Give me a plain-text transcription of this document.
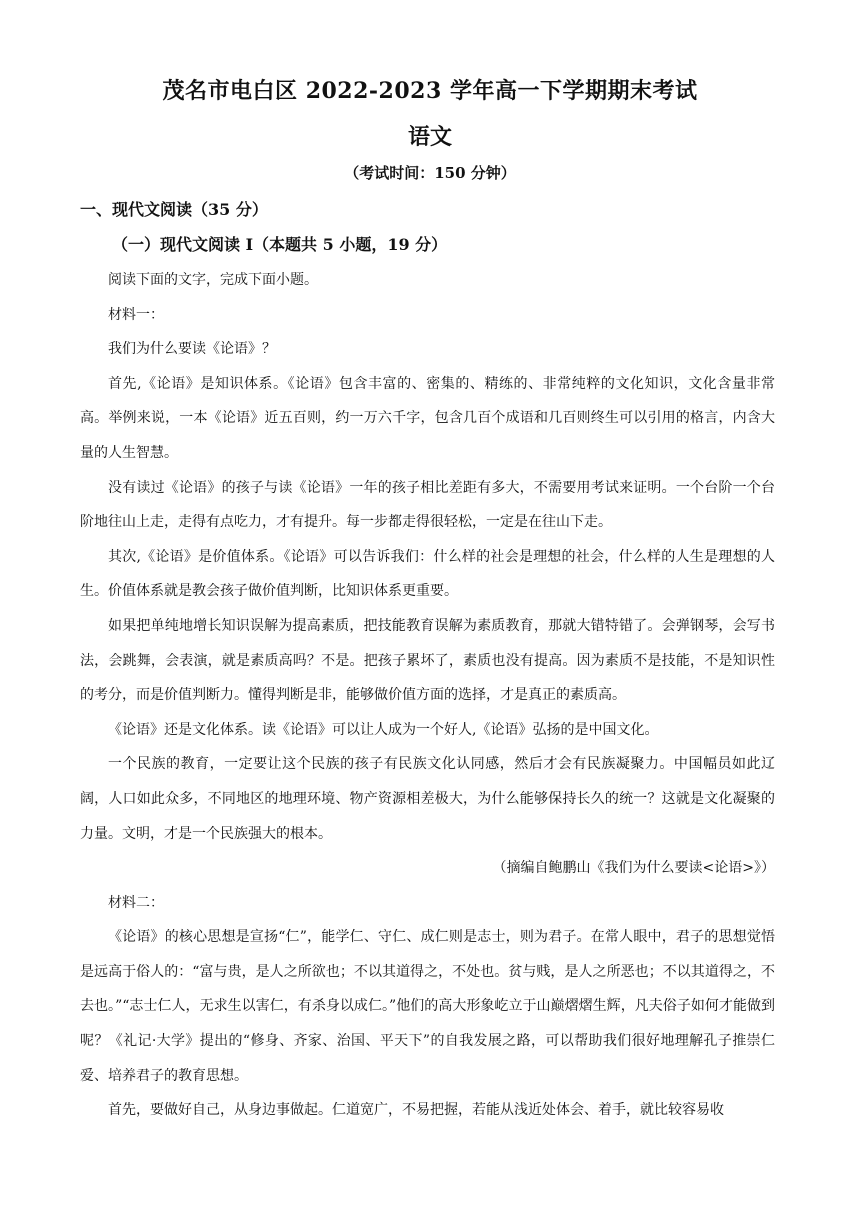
茂名市电白区 2022-2023 学年高一下学期期末考试
语文
（考试时间：150 分钟）
一、现代文阅读（35 分）
（一）现代文阅读 I（本题共 5 小题，19 分）

阅读下面的文字，完成下面小题。

材料一：

我们为什么要读《论语》？

首先,《论语》是知识体系。《论语》包含丰富的、密集的、精练的、非常纯粹的文化知识，文化含量非常高。举例来说，一本《论语》近五百则，约一万六千字，包含几百个成语和几百则终生可以引用的格言，内含大量的人生智慧。

没有读过《论语》的孩子与读《论语》一年的孩子相比差距有多大，不需要用考试来证明。一个台阶一个台阶地往山上走，走得有点吃力，才有提升。每一步都走得很轻松，一定是在往山下走。

其次,《论语》是价值体系。《论语》可以告诉我们：什么样的社会是理想的社会，什么样的人生是理想的人生。价值体系就是教会孩子做价值判断，比知识体系更重要。

如果把单纯地增长知识误解为提高素质，把技能教育误解为素质教育，那就大错特错了。会弹钢琴，会写书法，会跳舞，会表演，就是素质高吗？不是。把孩子累坏了，素质也没有提高。因为素质不是技能，不是知识性的考分，而是价值判断力。懂得判断是非，能够做价值方面的选择，才是真正的素质高。

《论语》还是文化体系。读《论语》可以让人成为一个好人,《论语》弘扬的是中国文化。

一个民族的教育，一定要让这个民族的孩子有民族文化认同感，然后才会有民族凝聚力。中国幅员如此辽阔，人口如此众多，不同地区的地理环境、物产资源相差极大，为什么能够保持长久的统一？这就是文化凝聚的力量。文明，才是一个民族强大的根本。

（摘编自鲍鹏山《我们为什么要读<论语>》）

材料二：

《论语》的核心思想是宣扬“仁”，能学仁、守仁、成仁则是志士，则为君子。在常人眼中，君子的思想觉悟是远高于俗人的：“富与贵，是人之所欲也；不以其道得之，不处也。贫与贱，是人之所恶也；不以其道得之，不去也。”“志士仁人，无求生以害仁，有杀身以成仁。”他们的高大形象屹立于山巅熠熠生辉，凡夫俗子如何才能做到呢？《礼记·大学》提出的“修身、齐家、治国、平天下”的自我发展之路，可以帮助我们很好地理解孔子推崇仁爱、培养君子的教育思想。

首先，要做好自己，从身边事做起。仁道宽广，不易把握，若能从浅近处体会、着手，就比较容易收
